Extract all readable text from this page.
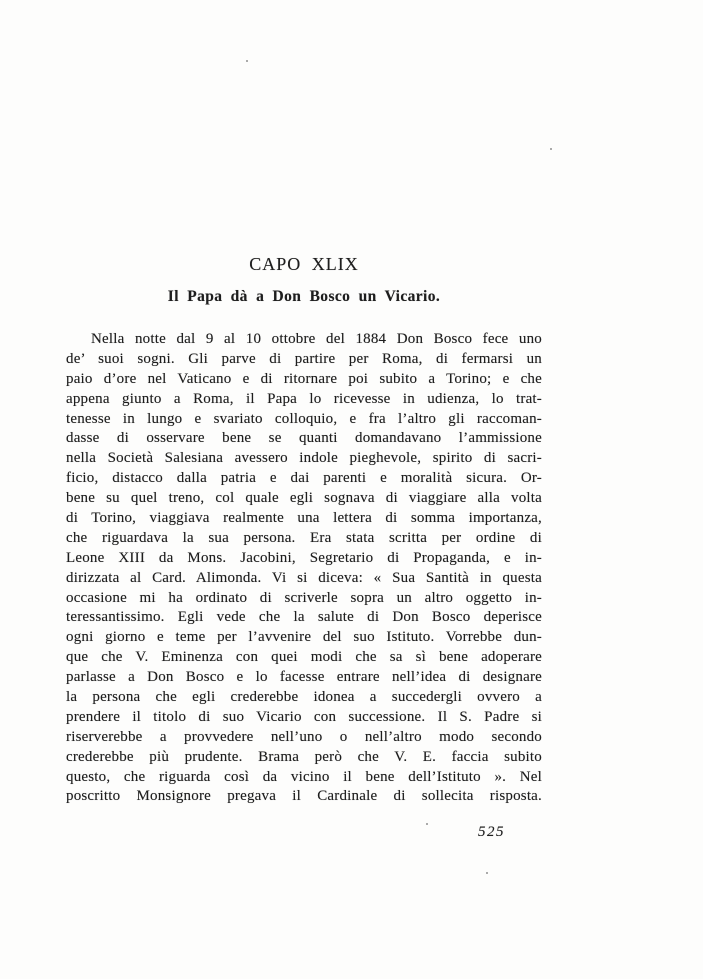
CAPO XLIX
Il Papa dà a Don Bosco un Vicario.
Nella notte dal 9 al 10 ottobre del 1884 Don Bosco fece uno
de’ suoi sogni. Gli parve di partire per Roma, di fermarsi un
paio d’ore nel Vaticano e di ritornare poi subito a Torino; e che
appena giunto a Roma, il Papa lo ricevesse in udienza, lo trat-
tenesse in lungo e svariato colloquio, e fra l’altro gli raccoman-
dasse di osservare bene se quanti domandavano l’ammissione
nella Società Salesiana avessero indole pieghevole, spirito di sacri-
ficio, distacco dalla patria e dai parenti e moralità sicura. Or-
bene su quel treno, col quale egli sognava di viaggiare alla volta
di Torino, viaggiava realmente una lettera di somma importanza,
che riguardava la sua persona. Era stata scritta per ordine di
Leone XIII da Mons. Jacobini, Segretario di Propaganda, e in-
dirizzata al Card. Alimonda. Vi si diceva: « Sua Santità in questa
occasione mi ha ordinato di scriverle sopra un altro oggetto in-
teressantissimo. Egli vede che la salute di Don Bosco deperisce
ogni giorno e teme per l’avvenire del suo Istituto. Vorrebbe dun-
que che V. Eminenza con quei modi che sa sì bene adoperare
parlasse a Don Bosco e lo facesse entrare nell’idea di designare
la persona che egli crederebbe idonea a succedergli ovvero a
prendere il titolo di suo Vicario con successione. Il S. Padre si
riserverebbe a provvedere nell’uno o nell’altro modo secondo
crederebbe più prudente. Brama però che V. E. faccia subito
questo, che riguarda così da vicino il bene dell’Istituto ». Nel
poscritto Monsignore pregava il Cardinale di sollecita risposta.
525
